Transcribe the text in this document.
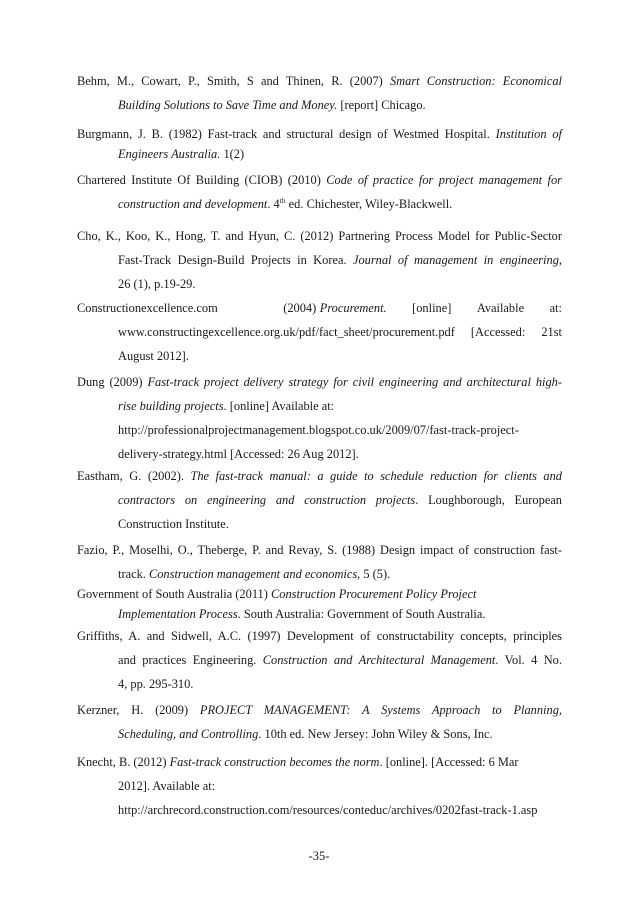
Behm, M., Cowart, P., Smith, S and Thinen, R. (2007) Smart Construction: Economical
Building Solutions to Save Time and Money. [report] Chicago.
Burgmann, J. B. (1982) Fast-track and structural design of Westmed Hospital. Institution of
Engineers Australia. 1(2)
Chartered Institute Of Building (CIOB) (2010) Code of practice for project management for
construction and development. 4th ed. Chichester, Wiley-Blackwell.
Cho, K., Koo, K., Hong, T. and Hyun, C. (2012) Partnering Process Model for Public-Sector
Fast-Track Design-Build Projects in Korea. Journal of management in engineering,
26 (1), p.19-29.
Constructionexcellence.com	(2004) Procurement. [online] Available at:
www.constructingexcellence.org.uk/pdf/fact_sheet/procurement.pdf [Accessed: 21st
August 2012].
Dung (2009) Fast-track project delivery strategy for civil engineering and architectural high-
rise building projects. [online] Available at:
http://professionalprojectmanagement.blogspot.co.uk/2009/07/fast-track-project-
delivery-strategy.html [Accessed: 26 Aug 2012].
Eastham, G. (2002). The fast-track manual: a guide to schedule reduction for clients and
contractors on engineering and construction projects. Loughborough, European
Construction Institute.
Fazio, P., Moselhi, O., Theberge, P. and Revay, S. (1988) Design impact of construction fast-
track. Construction management and economics, 5 (5).
Government of South Australia (2011) Construction Procurement Policy Project
Implementation Process. South Australia: Government of South Australia.
Griffiths, A. and Sidwell, A.C. (1997) Development of constructability concepts, principles
and practices Engineering. Construction and Architectural Management. Vol. 4 No.
4, pp. 295-310.
Kerzner, H. (2009) PROJECT MANAGEMENT: A Systems Approach to Planning,
Scheduling, and Controlling. 10th ed. New Jersey: John Wiley & Sons, Inc.
Knecht, B. (2012) Fast-track construction becomes the norm. [online]. [Accessed: 6 Mar
2012]. Available at:
http://archrecord.construction.com/resources/conteduc/archives/0202fast-track-1.asp
-35-
